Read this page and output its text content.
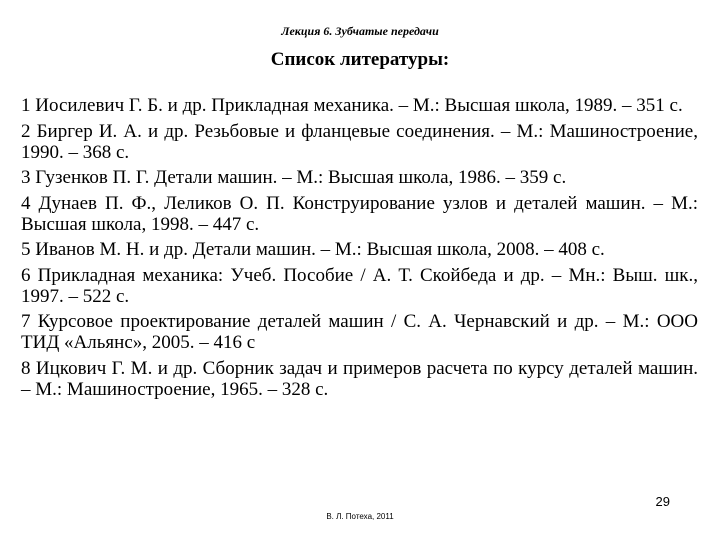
Лекция 6. Зубчатые передачи
Список литературы:
1 Иосилевич Г. Б. и др. Прикладная механика. – М.: Высшая школа, 1989. – 351 с.
2 Биргер И. А. и др. Резьбовые и фланцевые соединения. – М.: Машиностроение, 1990. – 368 с.
3 Гузенков П. Г. Детали машин. – М.: Высшая школа, 1986. – 359 с.
4 Дунаев П. Ф., Леликов О. П. Конструирование узлов и деталей машин. – М.: Высшая школа, 1998. – 447 с.
5 Иванов М. Н. и др. Детали машин. – М.: Высшая школа, 2008. – 408 с.
6 Прикладная механика: Учеб. Пособие / А. Т. Скойбеда и др. – Мн.: Выш. шк., 1997. – 522 с.
7 Курсовое проектирование деталей машин / С. А. Чернавский и др. – М.: ООО ТИД «Альянс», 2005. – 416 с
8 Ицкович Г. М. и др. Сборник задач и примеров расчета по курсу деталей машин. – М.: Машиностроение, 1965. – 328 с.
29
В. Л. Потеха, 2011
